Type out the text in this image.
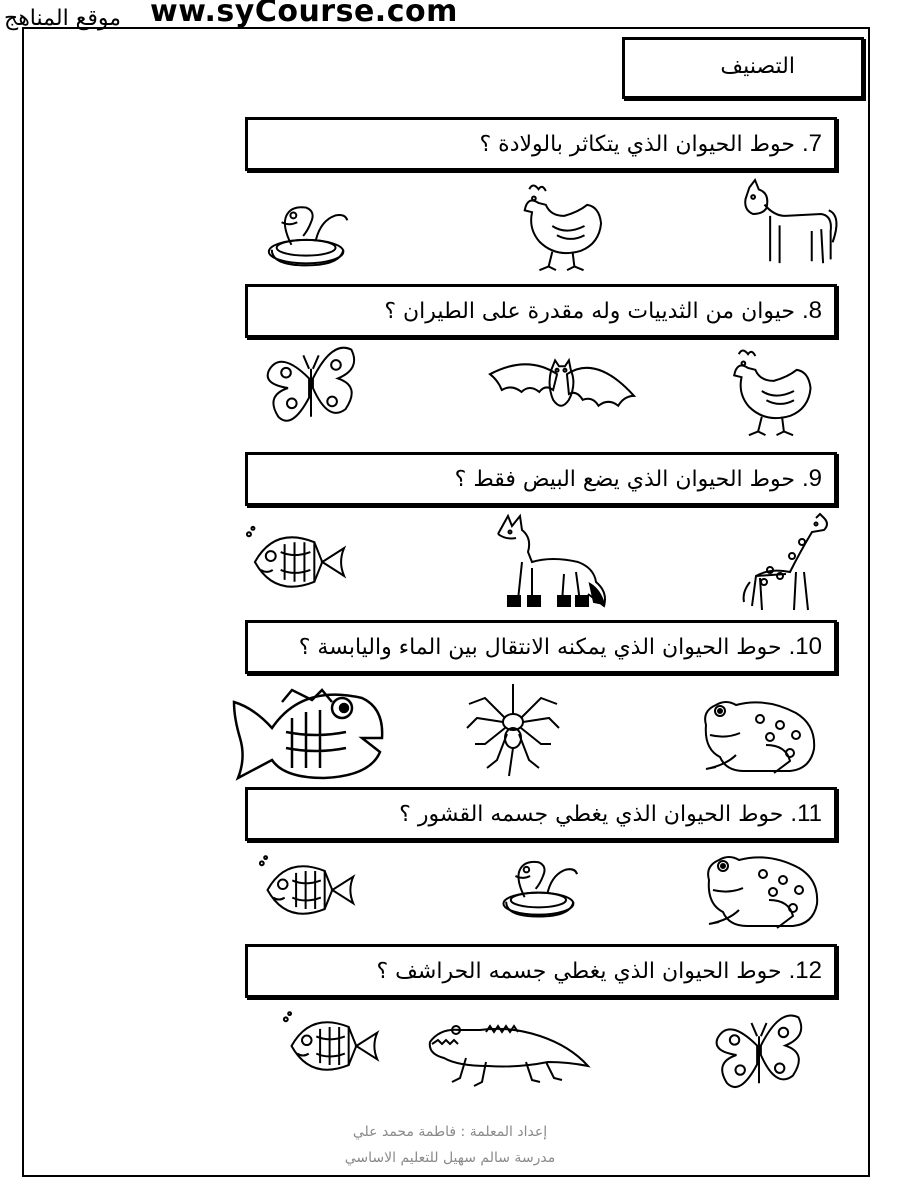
ww.syCourse.com
موقع المناهج
التصنيف
7. حوط الحيوان الذي يتكاثر بالولادة ؟
8. حيوان من الثدييات وله مقدرة على الطيران ؟
9. حوط الحيوان الذي يضع البيض فقط ؟
10. حوط الحيوان الذي يمكنه الانتقال بين الماء واليابسة ؟
11. حوط الحيوان الذي يغطي جسمه القشور ؟
12. حوط الحيوان الذي يغطي جسمه الحراشف ؟
إعداد المعلمة : فاطمة محمد علي
مدرسة سالم سهيل للتعليم الاساسي
